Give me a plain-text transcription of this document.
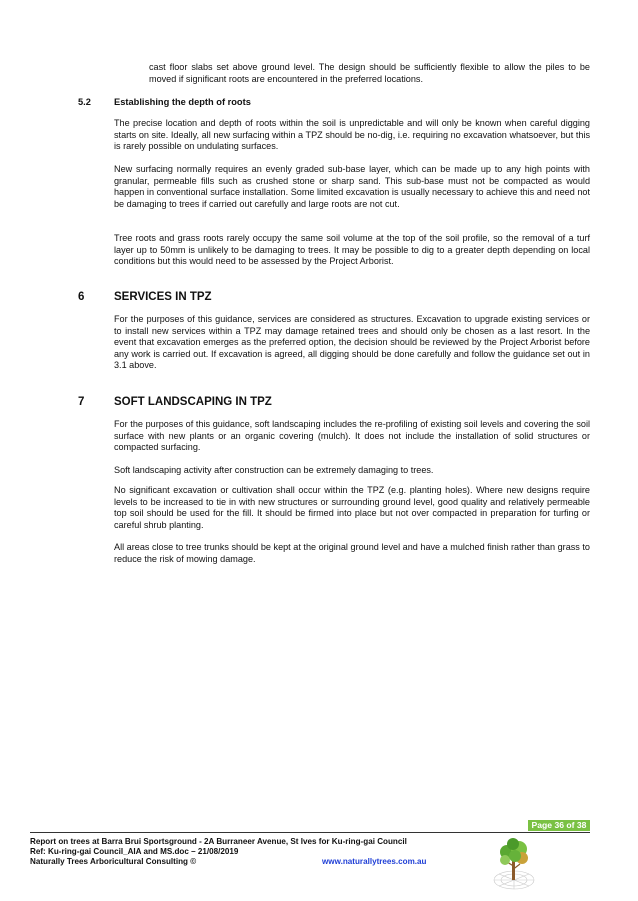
cast floor slabs set above ground level. The design should be sufficiently flexible to allow the piles to be moved if significant roots are encountered in the preferred locations.

5.2 Establishing the depth of roots

The precise location and depth of roots within the soil is unpredictable and will only be known when careful digging starts on site. Ideally, all new surfacing within a TPZ should be no-dig, i.e. requiring no excavation whatsoever, but this is rarely possible on undulating surfaces.

New surfacing normally requires an evenly graded sub-base layer, which can be made up to any high points with granular, permeable fills such as crushed stone or sharp sand. This sub-base must not be compacted as would happen in conventional surface installation. Some limited excavation is usually necessary to achieve this and need not be damaging to trees if carried out carefully and large roots are not cut.

Tree roots and grass roots rarely occupy the same soil volume at the top of the soil profile, so the removal of a turf layer up to 50mm is unlikely to be damaging to trees. It may be possible to dig to a greater depth depending on local conditions but this would need to be assessed by the Project Arborist.

6	SERVICES IN TPZ

For the purposes of this guidance, services are considered as structures. Excavation to upgrade existing services or to install new services within a TPZ may damage retained trees and should only be chosen as a last resort. In the event that excavation emerges as the preferred option, the decision should be reviewed by the Project Arborist before any work is carried out. If excavation is agreed, all digging should be done carefully and follow the guidance set out in 3.1 above.

7	SOFT LANDSCAPING IN TPZ

For the purposes of this guidance, soft landscaping includes the re-profiling of existing soil levels and covering the soil surface with new plants or an organic covering (mulch). It does not include the installation of solid structures or compacted surfacing.

Soft landscaping activity after construction can be extremely damaging to trees.

No significant excavation or cultivation shall occur within the TPZ (e.g. planting holes). Where new designs require levels to be increased to tie in with new structures or surrounding ground level, good quality and relatively permeable top soil should be used for the fill. It should be firmed into place but not over compacted in preparation for turfing or careful shrub planting.

All areas close to tree trunks should be kept at the original ground level and have a mulched finish rather than grass to reduce the risk of mowing damage.

Page 36 of 38
Report on trees at Barra Brui Sportsground - 2A Burraneer Avenue, St Ives for Ku-ring-gai Council
Ref: Ku-ring-gai Council_AIA and MS.doc – 21/08/2019
Naturally Trees Arboricultural Consulting ©	www.naturallytrees.com.au
